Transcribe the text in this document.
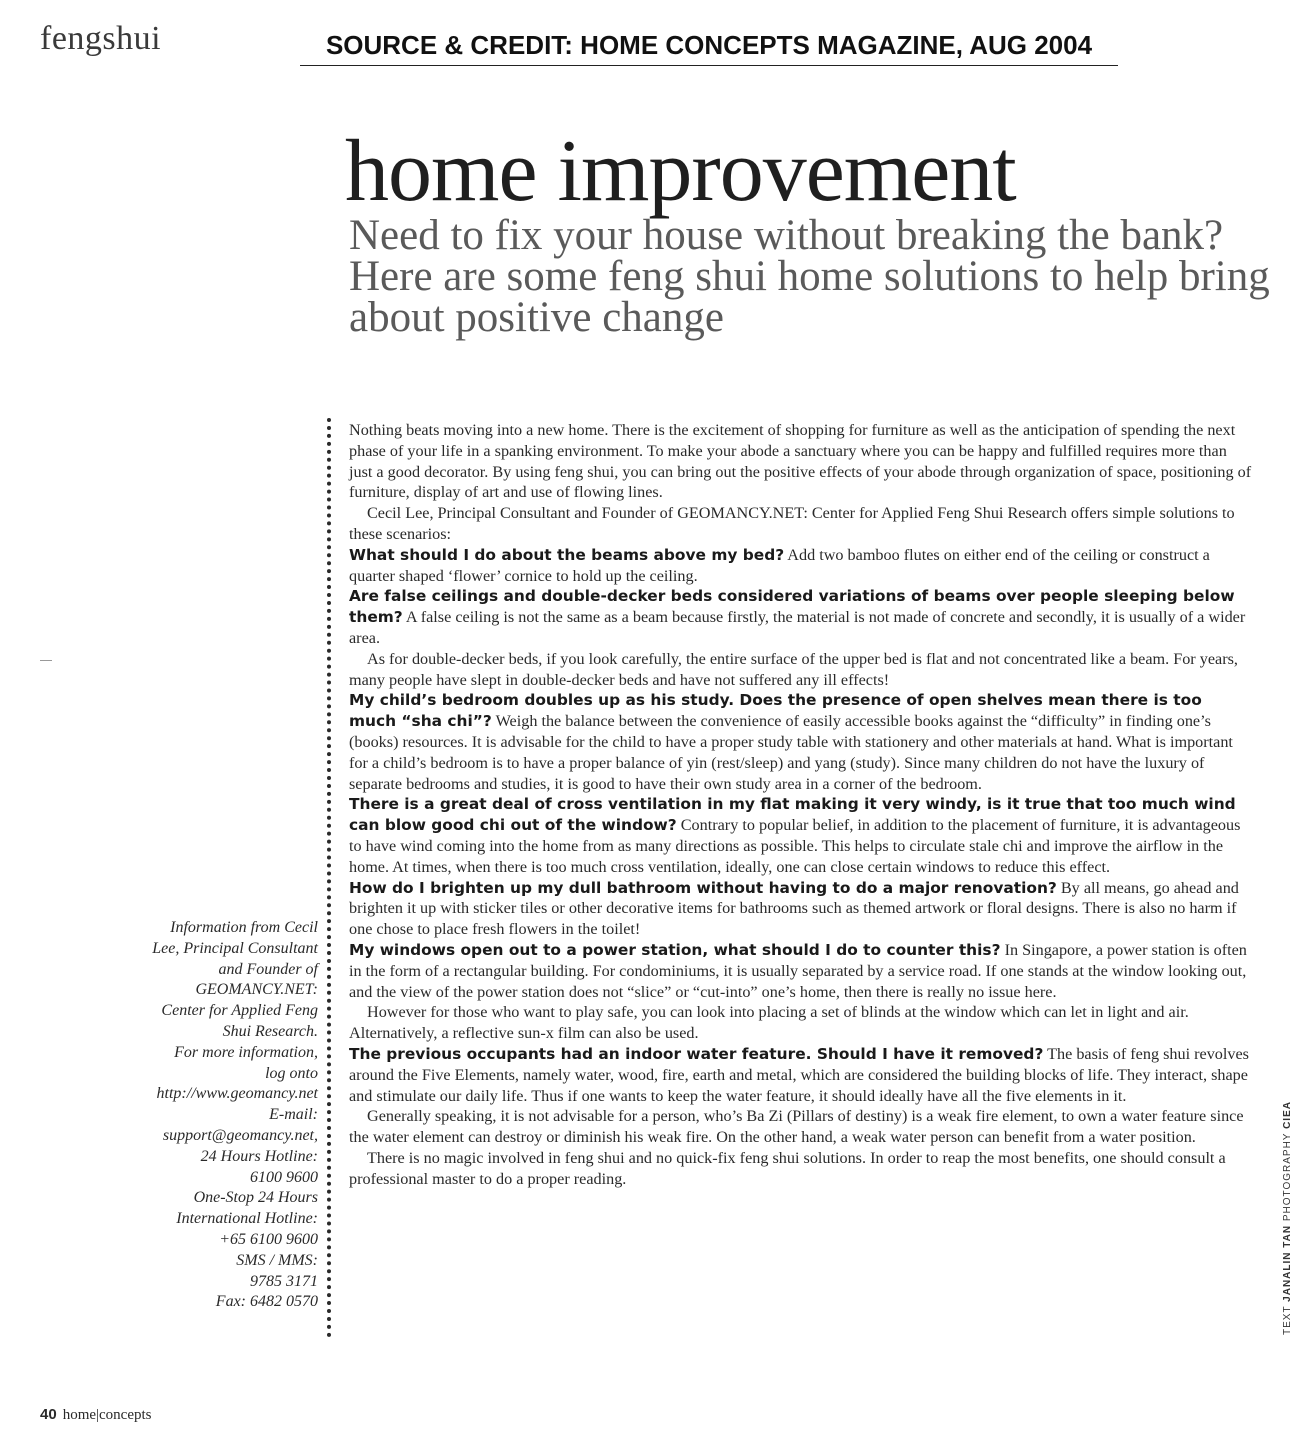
fengshui	SOURCE & CREDIT: HOME CONCEPTS MAGAZINE, AUG 2004
home improvement

Need to fix your house without breaking the bank? Here are some feng shui home solutions to help bring about positive change

Information from Cecil
Lee, Principal Consultant
and Founder of
GEOMANCY.NET:
Center for Applied Feng
Shui Research.
For more information,
log onto
http://www.geomancy.net
E-mail:
support@geomancy.net,
24 Hours Hotline:
6100 9600
One-Stop 24 Hours
International Hotline:
+65 6100 9600
SMS / MMS:
9785 3171
Fax: 6482 0570

Nothing beats moving into a new home. There is the excitement of shopping for furniture as well as the anticipation of spending the next phase of your life in a spanking environment. To make your abode a sanctuary where you can be happy and fulfilled requires more than just a good decorator. By using feng shui, you can bring out the positive effects of your abode through organization of space, positioning of furniture, display of art and use of flowing lines.

Cecil Lee, Principal Consultant and Founder of GEOMANCY.NET: Center for Applied Feng Shui Research offers simple solutions to these scenarios:

What should I do about the beams above my bed? Add two bamboo flutes on either end of the ceiling or construct a quarter shaped ‘flower’ cornice to hold up the ceiling.

Are false ceilings and double-decker beds considered variations of beams over people sleeping below them? A false ceiling is not the same as a beam because firstly, the material is not made of concrete and secondly, it is usually of a wider area.

As for double-decker beds, if you look carefully, the entire surface of the upper bed is flat and not concentrated like a beam. For years, many people have slept in double-decker beds and have not suffered any ill effects!

My child’s bedroom doubles up as his study. Does the presence of open shelves mean there is too much “sha chi”? Weigh the balance between the convenience of easily accessible books against the “difficulty” in finding one’s (books) resources. It is advisable for the child to have a proper study table with stationery and other materials at hand. What is important for a child’s bedroom is to have a proper balance of yin (rest/sleep) and yang (study). Since many children do not have the luxury of separate bedrooms and studies, it is good to have their own study area in a corner of the bedroom.

There is a great deal of cross ventilation in my flat making it very windy, is it true that too much wind can blow good chi out of the window? Contrary to popular belief, in addition to the placement of furniture, it is advantageous to have wind coming into the home from as many directions as possible. This helps to circulate stale chi and improve the airflow in the home. At times, when there is too much cross ventilation, ideally, one can close certain windows to reduce this effect.

How do I brighten up my dull bathroom without having to do a major renovation? By all means, go ahead and brighten it up with sticker tiles or other decorative items for bathrooms such as themed artwork or floral designs. There is also no harm if one chose to place fresh flowers in the toilet!

My windows open out to a power station, what should I do to counter this? In Singapore, a power station is often in the form of a rectangular building. For condominiums, it is usually separated by a service road. If one stands at the window looking out, and the view of the power station does not “slice” or “cut-into” one’s home, then there is really no issue here.

However for those who want to play safe, you can look into placing a set of blinds at the window which can let in light and air. Alternatively, a reflective sun-x film can also be used.

The previous occupants had an indoor water feature. Should I have it removed? The basis of feng shui revolves around the Five Elements, namely water, wood, fire, earth and metal, which are considered the building blocks of life. They interact, shape and stimulate our daily life. Thus if one wants to keep the water feature, it should ideally have all the five elements in it.

Generally speaking, it is not advisable for a person, who’s Ba Zi (Pillars of destiny) is a weak fire element, to own a water feature since the water element can destroy or diminish his weak fire. On the other hand, a weak water person can benefit from a water position.

There is no magic involved in feng shui and no quick-fix feng shui solutions. In order to reap the most benefits, one should consult a professional master to do a proper reading.

TEXT JANALIN TAN PHOTOGRAPHY CIEA
40 home|concepts
